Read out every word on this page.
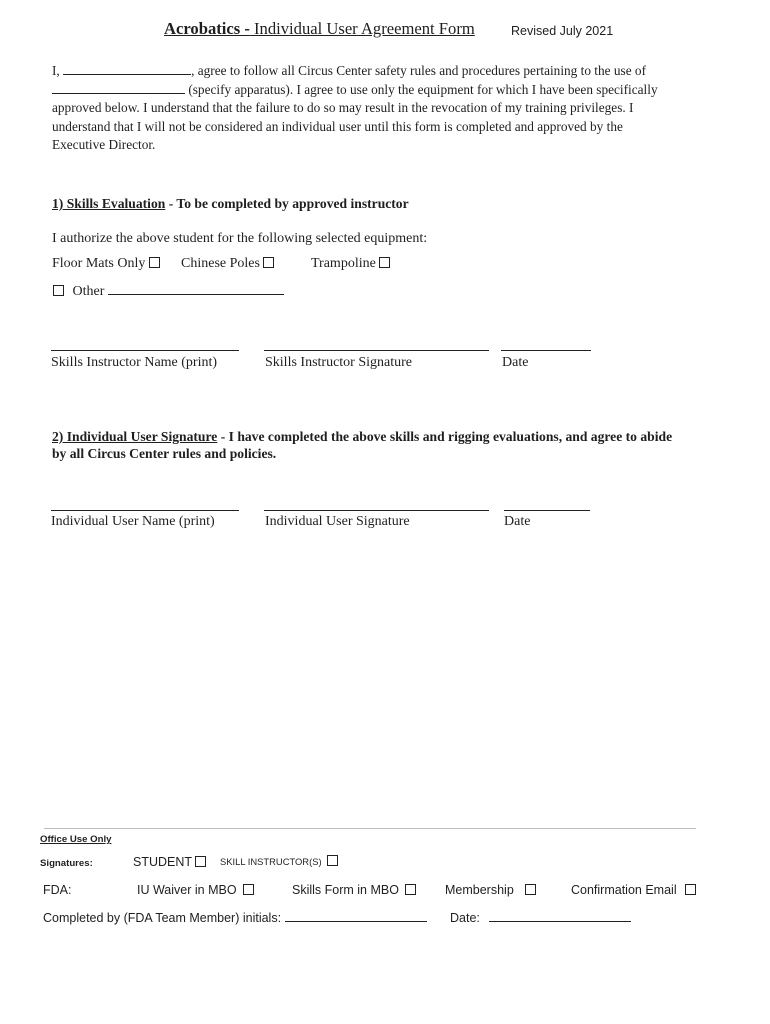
Acrobatics - Individual User Agreement Form	Revised July 2021
I,	, agree to follow all Circus Center safety rules and procedures pertaining to the use of
(specify apparatus). I agree to use only the equipment for which I have been specifically
approved below. I understand that the failure to do so may result in the revocation of my training privileges. I
understand that I will not be considered an individual user until this form is completed and approved by the
Executive Director.
1) Skills Evaluation - To be completed by approved instructor
I authorize the above student for the following selected equipment:
Floor Mats Only	Chinese Poles	Trampoline
Other
Skills Instructor Name (print)	Skills Instructor Signature	Date
2) Individual User Signature - I have completed the above skills and rigging evaluations, and agree to abide
by all Circus Center rules and policies.
Individual User Name (print)	Individual User Signature	Date
Office Use Only
Signatures:	STUDENT	SKILL INSTRUCTOR(S)
FDA:	IU Waiver in MBO	Skills Form in MBO	Membership	Confirmation Email
Completed by (FDA Team Member) initials:	Date:
